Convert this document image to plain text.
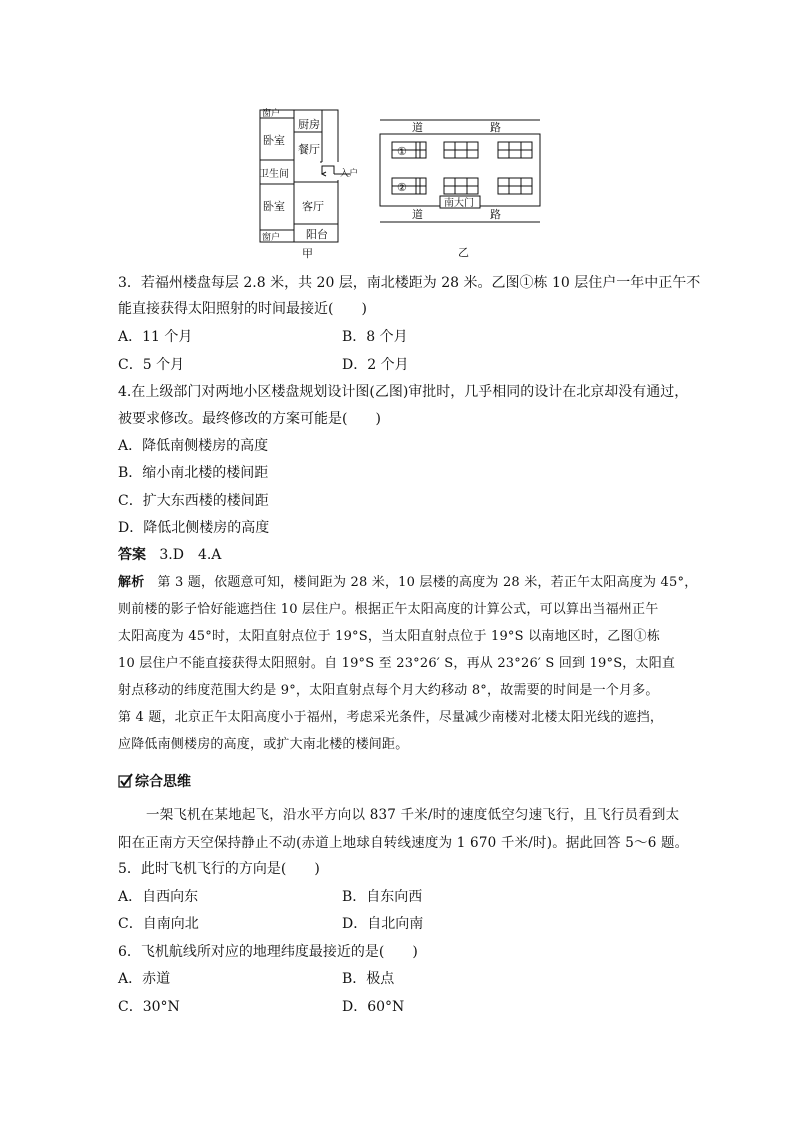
窗户
厨房
卧室
餐厅
入户
卫生间
卧室 客厅
窗户 阳台
甲
道	路
道	路
①
②
南大门
乙
3．若福州楼盘每层 2.8 米，共 20 层，南北楼距为 28 米。乙图①栋 10 层住户一年中正午不
能直接获得太阳照射的时间最接近(　　)
A．11 个月	B．8 个月
C．5 个月	D．2 个月
4.在上级部门对两地小区楼盘规划设计图(乙图)审批时，几乎相同的设计在北京却没有通过，
被要求修改。最终修改的方案可能是(　　)
A．降低南侧楼房的高度
B．缩小南北楼的楼间距
C．扩大东西楼的楼间距
D．降低北侧楼房的高度
答案 3.D　4.A
解析 第 3 题，依题意可知，楼间距为 28 米，10 层楼的高度为 28 米，若正午太阳高度为 45°，
则前楼的影子恰好能遮挡住 10 层住户。根据正午太阳高度的计算公式，可以算出当福州正午
太阳高度为 45°时，太阳直射点位于 19°S，当太阳直射点位于 19°S 以南地区时，乙图①栋
10 层住户不能直接获得太阳照射。自 19°S 至 23°26′ S，再从 23°26′ S 回到 19°S，太阳直
射点移动的纬度范围大约是 9°，太阳直射点每个月大约移动 8°，故需要的时间是一个月多。
第 4 题，北京正午太阳高度小于福州，考虑采光条件，尽量减少南楼对北楼太阳光线的遮挡，
应降低南侧楼房的高度，或扩大南北楼的楼间距。
综合思维
一架飞机在某地起飞，沿水平方向以 837 千米/时的速度低空匀速飞行，且飞行员看到太
阳在正南方天空保持静止不动(赤道上地球自转线速度为 1 670 千米/时)。据此回答 5～6 题。
5．此时飞机飞行的方向是(　　)
A．自西向东	B．自东向西
C．自南向北	D．自北向南
6．飞机航线所对应的地理纬度最接近的是(　　)
A．赤道	B．极点
C．30°N	D．60°N
